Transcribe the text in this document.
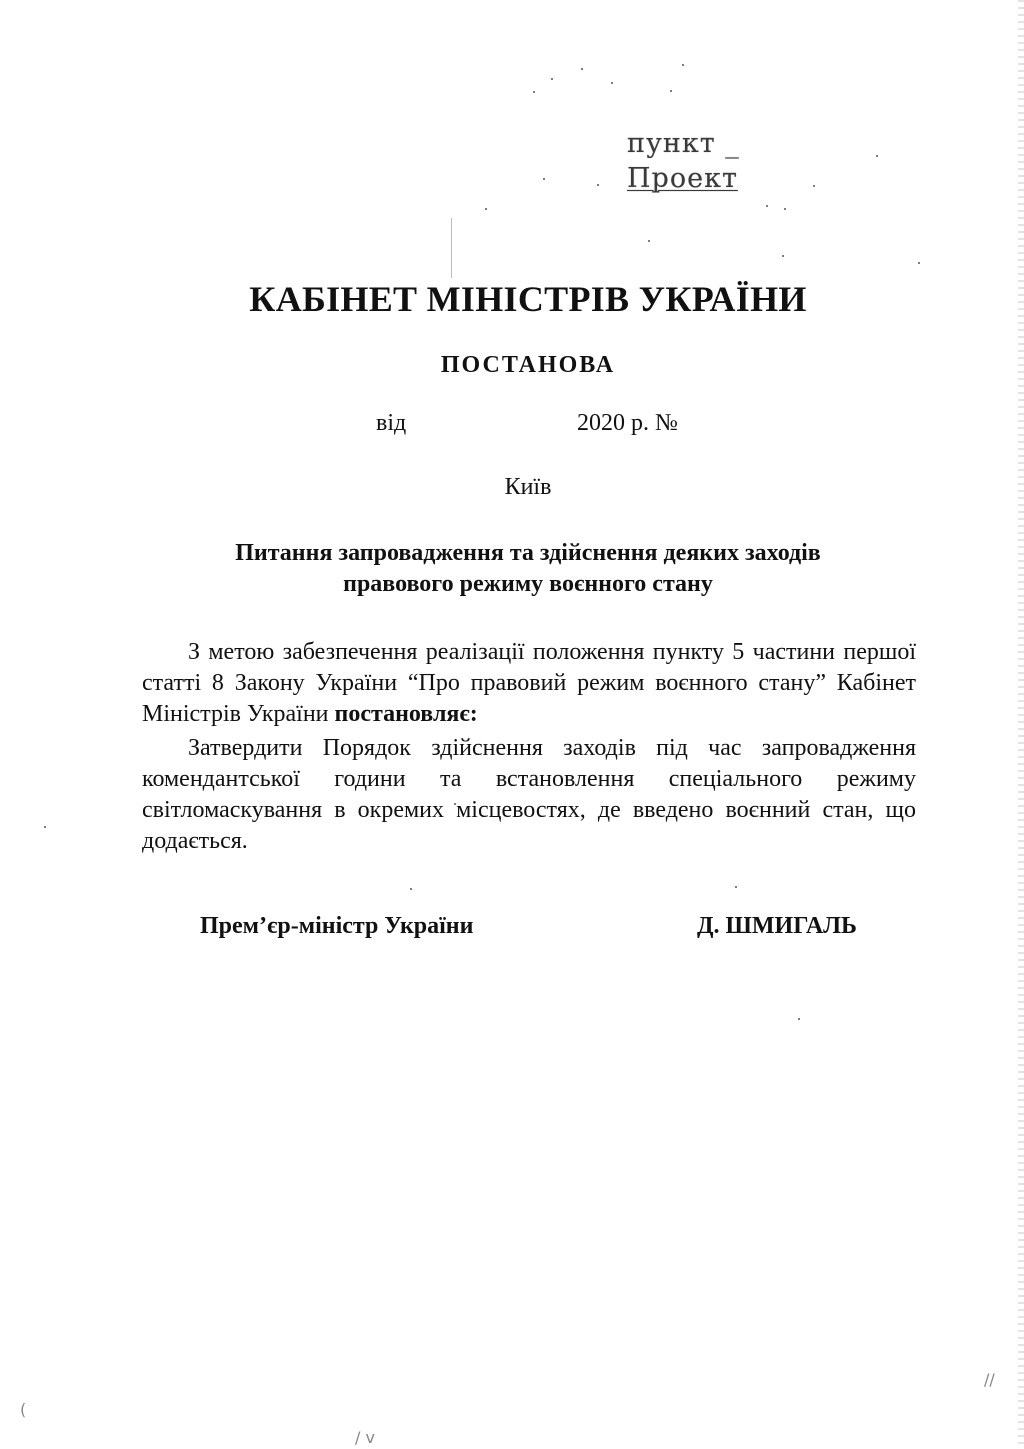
пункт _
Проект
КАБІНЕТ МІНІСТРІВ УКРАЇНИ
ПОСТАНОВА
від	2020 р. №
Київ
Питання запровадження та здійснення деяких заходів
правового режиму воєнного стану
З метою забезпечення реалізації положення пункту 5 частини першої статті 8 Закону України “Про правовий режим воєнного стану” Кабінет Міністрів України постановляє:
Затвердити Порядок здійснення заходів під час запровадження комендантської години та встановлення спеціального режиму світломаскування в окремих місцевостях, де введено воєнний стан, що додається.
Прем’єр-міністр України	Д. ШМИГАЛЬ
//
/ v
(
